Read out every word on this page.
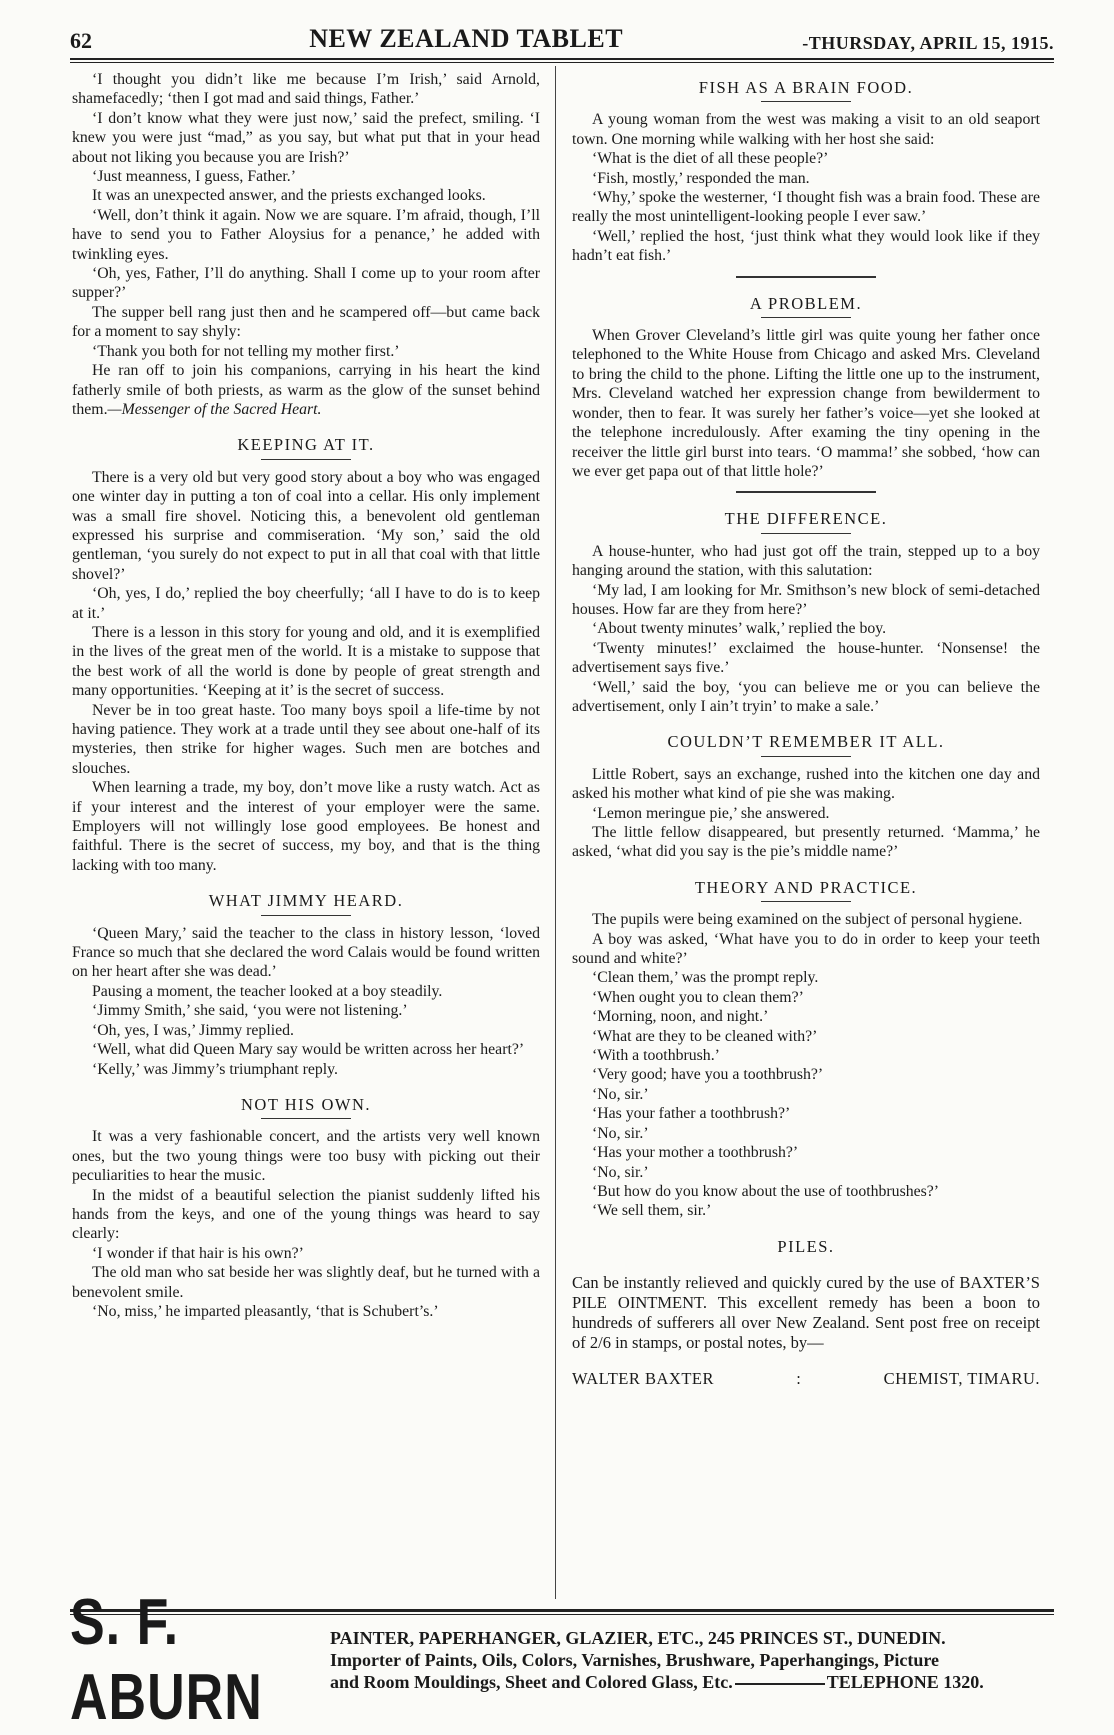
62	NEW ZEALAND TABLET	-THURSDAY, APRIL 15, 1915.

‘I thought you didn’t like me because I’m Irish,’ said Arnold, shamefacedly; ‘then I got mad and said things, Father.’

‘I don’t know what they were just now,’ said the prefect, smiling. ‘I knew you were just “mad,” as you say, but what put that in your head about not liking you because you are Irish?’

‘Just meanness, I guess, Father.’

It was an unexpected answer, and the priests exchanged looks.

‘Well, don’t think it again. Now we are square. I’m afraid, though, I’ll have to send you to Father Aloysius for a penance,’ he added with twinkling eyes.

‘Oh, yes, Father, I’ll do anything. Shall I come up to your room after supper?’

The supper bell rang just then and he scampered off—but came back for a moment to say shyly:

‘Thank you both for not telling my mother first.’

He ran off to join his companions, carrying in his heart the kind fatherly smile of both priests, as warm as the glow of the sunset behind them.—Messenger of the Sacred Heart.

KEEPING AT IT.

There is a very old but very good story about a boy who was engaged one winter day in putting a ton of coal into a cellar. His only implement was a small fire shovel. Noticing this, a benevolent old gentleman expressed his surprise and commiseration. ‘My son,’ said the old gentleman, ‘you surely do not expect to put in all that coal with that little shovel?’

‘Oh, yes, I do,’ replied the boy cheerfully; ‘all I have to do is to keep at it.’

There is a lesson in this story for young and old, and it is exemplified in the lives of the great men of the world. It is a mistake to suppose that the best work of all the world is done by people of great strength and many opportunities. ‘Keeping at it’ is the secret of success.

Never be in too great haste. Too many boys spoil a life-time by not having patience. They work at a trade until they see about one-half of its mysteries, then strike for higher wages. Such men are botches and slouches.

When learning a trade, my boy, don’t move like a rusty watch. Act as if your interest and the interest of your employer were the same. Employers will not willingly lose good employees. Be honest and faithful. There is the secret of success, my boy, and that is the thing lacking with too many.

WHAT JIMMY HEARD.

‘Queen Mary,’ said the teacher to the class in history lesson, ‘loved France so much that she declared the word Calais would be found written on her heart after she was dead.’

Pausing a moment, the teacher looked at a boy steadily.

‘Jimmy Smith,’ she said, ‘you were not listening.’

‘Oh, yes, I was,’ Jimmy replied.

‘Well, what did Queen Mary say would be written across her heart?’

‘Kelly,’ was Jimmy’s triumphant reply.

NOT HIS OWN.

It was a very fashionable concert, and the artists very well known ones, but the two young things were too busy with picking out their peculiarities to hear the music.

In the midst of a beautiful selection the pianist suddenly lifted his hands from the keys, and one of the young things was heard to say clearly:

‘I wonder if that hair is his own?’

The old man who sat beside her was slightly deaf, but he turned with a benevolent smile.

‘No, miss,’ he imparted pleasantly, ‘that is Schubert’s.’

FISH AS A BRAIN FOOD.

A young woman from the west was making a visit to an old seaport town. One morning while walking with her host she said:

‘What is the diet of all these people?’

‘Fish, mostly,’ responded the man.

‘Why,’ spoke the westerner, ‘I thought fish was a brain food. These are really the most unintelligent-looking people I ever saw.’

‘Well,’ replied the host, ‘just think what they would look like if they hadn’t eat fish.’

A PROBLEM.

When Grover Cleveland’s little girl was quite young her father once telephoned to the White House from Chicago and asked Mrs. Cleveland to bring the child to the phone. Lifting the little one up to the instrument, Mrs. Cleveland watched her expression change from bewilderment to wonder, then to fear. It was surely her father’s voice—yet she looked at the telephone incredulously. After examing the tiny opening in the receiver the little girl burst into tears. ‘O mamma!’ she sobbed, ‘how can we ever get papa out of that little hole?’

THE DIFFERENCE.

A house-hunter, who had just got off the train, stepped up to a boy hanging around the station, with this salutation:

‘My lad, I am looking for Mr. Smithson’s new block of semi-detached houses. How far are they from here?’

‘About twenty minutes’ walk,’ replied the boy.

‘Twenty minutes!’ exclaimed the house-hunter. ‘Nonsense! the advertisement says five.’

‘Well,’ said the boy, ‘you can believe me or you can believe the advertisement, only I ain’t tryin’ to make a sale.’

COULDN’T REMEMBER IT ALL.

Little Robert, says an exchange, rushed into the kitchen one day and asked his mother what kind of pie she was making.

‘Lemon meringue pie,’ she answered.

The little fellow disappeared, but presently returned. ‘Mamma,’ he asked, ‘what did you say is the pie’s middle name?’

THEORY AND PRACTICE.

The pupils were being examined on the subject of personal hygiene.

A boy was asked, ‘What have you to do in order to keep your teeth sound and white?’

‘Clean them,’ was the prompt reply.

‘When ought you to clean them?’

‘Morning, noon, and night.’

‘What are they to be cleaned with?’

‘With a toothbrush.’

‘Very good; have you a toothbrush?’

‘No, sir.’

‘Has your father a toothbrush?’

‘No, sir.’

‘Has your mother a toothbrush?’

‘No, sir.’

‘But how do you know about the use of toothbrushes?’

‘We sell them, sir.’

PILES.

Can be instantly relieved and quickly cured by the use of BAXTER’S PILE OINTMENT. This excellent remedy has been a boon to hundreds of sufferers all over New Zealand. Sent post free on receipt of 2/6 in stamps, or postal notes, by—

WALTER BAXTER	:	CHEMIST, TIMARU.
S. F. ABURN
PAINTER, PAPERHANGER, GLAZIER, ETC., 245 PRINCES ST., DUNEDIN.
Importer of Paints, Oils, Colors, Varnishes, Brushware, Paperhangings, Picture
and Room Mouldings, Sheet and Colored Glass, Etc.	TELEPHONE 1320.
